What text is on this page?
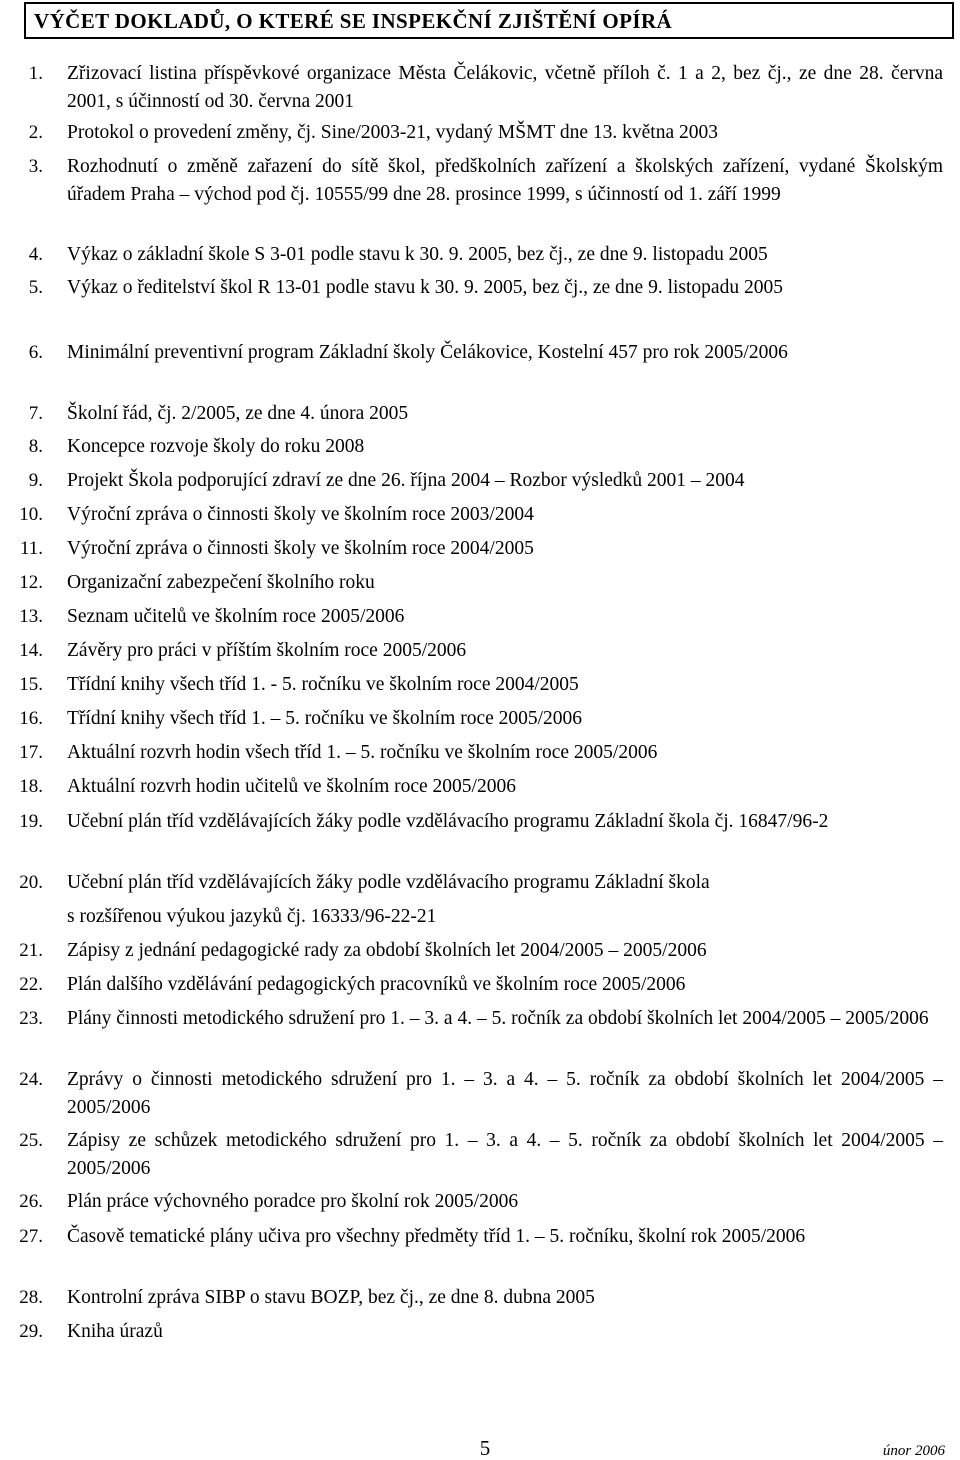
VÝČET DOKLADŮ, O KTERÉ SE INSPEKČNÍ ZJIŠTĚNÍ OPÍRÁ
1. Zřizovací listina příspěvkové organizace Města Čelákovic, včetně příloh č. 1 a 2, bez čj., ze dne 28. června 2001, s účinností od 30. června 2001
2. Protokol o provedení změny, čj. Sine/2003-21, vydaný MŠMT dne 13. května 2003
3. Rozhodnutí o změně zařazení do sítě škol, předškolních zařízení a školských zařízení, vydané Školským úřadem Praha – východ pod čj. 10555/99 dne 28. prosince 1999, s účinností od 1. září 1999
4. Výkaz o základní škole S 3-01 podle stavu k 30. 9. 2005, bez čj., ze dne 9. listopadu 2005
5. Výkaz o ředitelství škol R 13-01 podle stavu k 30. 9. 2005, bez čj., ze dne 9. listopadu 2005
6. Minimální preventivní program Základní školy Čelákovice, Kostelní 457 pro rok 2005/2006
7. Školní řád, čj. 2/2005, ze dne 4. února 2005
8. Koncepce rozvoje školy do roku 2008
9. Projekt Škola podporující zdraví ze dne 26. října 2004 – Rozbor výsledků 2001 – 2004
10. Výroční zpráva o činnosti školy ve školním roce 2003/2004
11. Výroční zpráva o činnosti školy ve školním roce 2004/2005
12. Organizační zabezpečení školního roku
13. Seznam učitelů ve školním roce 2005/2006
14. Závěry pro práci v příštím školním roce 2005/2006
15. Třídní knihy všech tříd 1. - 5. ročníku ve školním roce 2004/2005
16. Třídní knihy všech tříd 1. – 5. ročníku ve školním roce 2005/2006
17. Aktuální rozvrh hodin všech tříd 1. – 5. ročníku ve školním roce 2005/2006
18. Aktuální rozvrh hodin učitelů ve školním roce 2005/2006
19. Učební plán tříd vzdělávajících žáky podle vzdělávacího programu Základní škola čj. 16847/96-2
20. Učební plán tříd vzdělávajících žáky podle vzdělávacího programu Základní škola
s rozšířenou výukou jazyků čj. 16333/96-22-21
21. Zápisy z jednání pedagogické rady za období školních let 2004/2005 – 2005/2006
22. Plán dalšího vzdělávání pedagogických pracovníků ve školním roce 2005/2006
23. Plány činnosti metodického sdružení pro 1. – 3. a 4. – 5. ročník za období školních let 2004/2005 – 2005/2006
24. Zprávy o činnosti metodického sdružení pro 1. – 3. a 4. – 5. ročník za období školních let 2004/2005 – 2005/2006
25. Zápisy ze schůzek metodického sdružení pro 1. – 3. a 4. – 5. ročník za období školních let 2004/2005 – 2005/2006
26. Plán práce výchovného poradce pro školní rok 2005/2006
27. Časově tematické plány učiva pro všechny předměty tříd 1. – 5. ročníku, školní rok 2005/2006
28. Kontrolní zpráva SIBP o stavu BOZP, bez čj., ze dne 8. dubna 2005
29. Kniha úrazů
5	únor 2006
